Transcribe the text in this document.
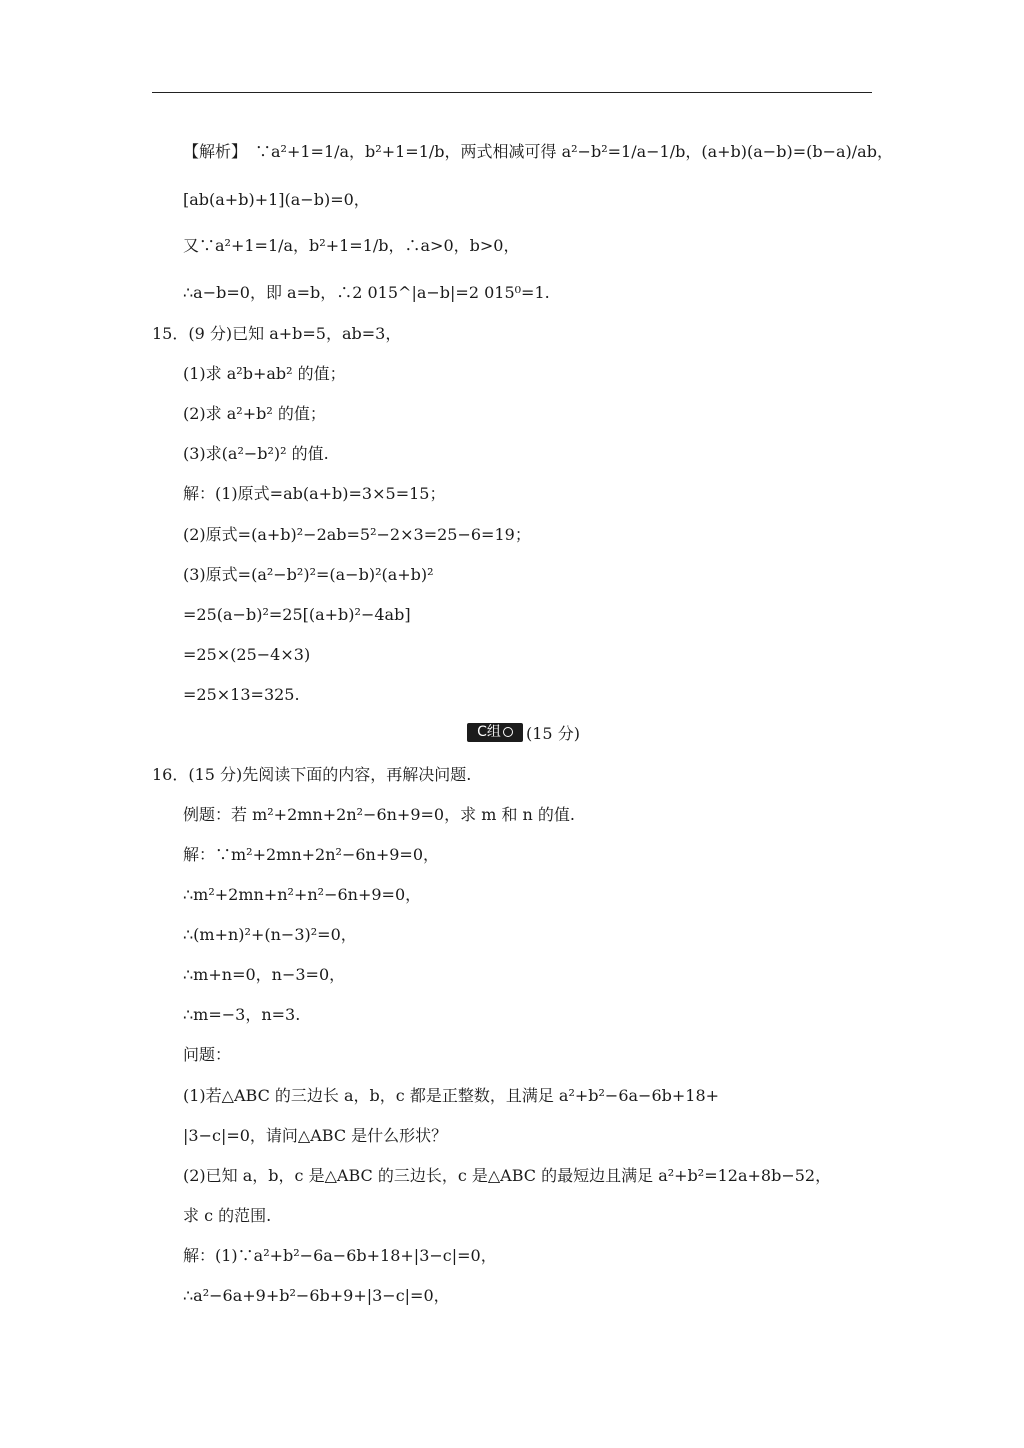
【解析】　∵a²+1=1/a，b²+1=1/b，两式相减可得 a²−b²=1/a−1/b，(a+b)(a−b)=(b−a)/ab，
[ab(a+b)+1](a−b)=0，
又∵a²+1=1/a，b²+1=1/b，∴a>0，b>0，
∴a−b=0，即 a=b，∴2 015^|a−b|=2 015⁰=1.
15．(9 分)已知 a+b=5，ab=3，
(1)求 a²b+ab² 的值；
(2)求 a²+b² 的值；
(3)求(a²−b²)² 的值.
解：(1)原式=ab(a+b)=3×5=15；
(2)原式=(a+b)²−2ab=5²−2×3=25−6=19；
(3)原式=(a²−b²)²=(a−b)²(a+b)²
=25(a−b)²=25[(a+b)²−4ab]
=25×(25−4×3)
=25×13=325.
C组	(15 分)
16．(15 分)先阅读下面的内容，再解决问题.
例题：若 m²+2mn+2n²−6n+9=0，求 m 和 n 的值.
解：∵m²+2mn+2n²−6n+9=0，
∴m²+2mn+n²+n²−6n+9=0，
∴(m+n)²+(n−3)²=0，
∴m+n=0，n−3=0，
∴m=−3，n=3.
问题：
(1)若△ABC 的三边长 a，b，c 都是正整数，且满足 a²+b²−6a−6b+18+
|3−c|=0，请问△ABC 是什么形状？
(2)已知 a，b，c 是△ABC 的三边长，c 是△ABC 的最短边且满足 a²+b²=12a+8b−52，
求 c 的范围.
解：(1)∵a²+b²−6a−6b+18+|3−c|=0，
∴a²−6a+9+b²−6b+9+|3−c|=0，
